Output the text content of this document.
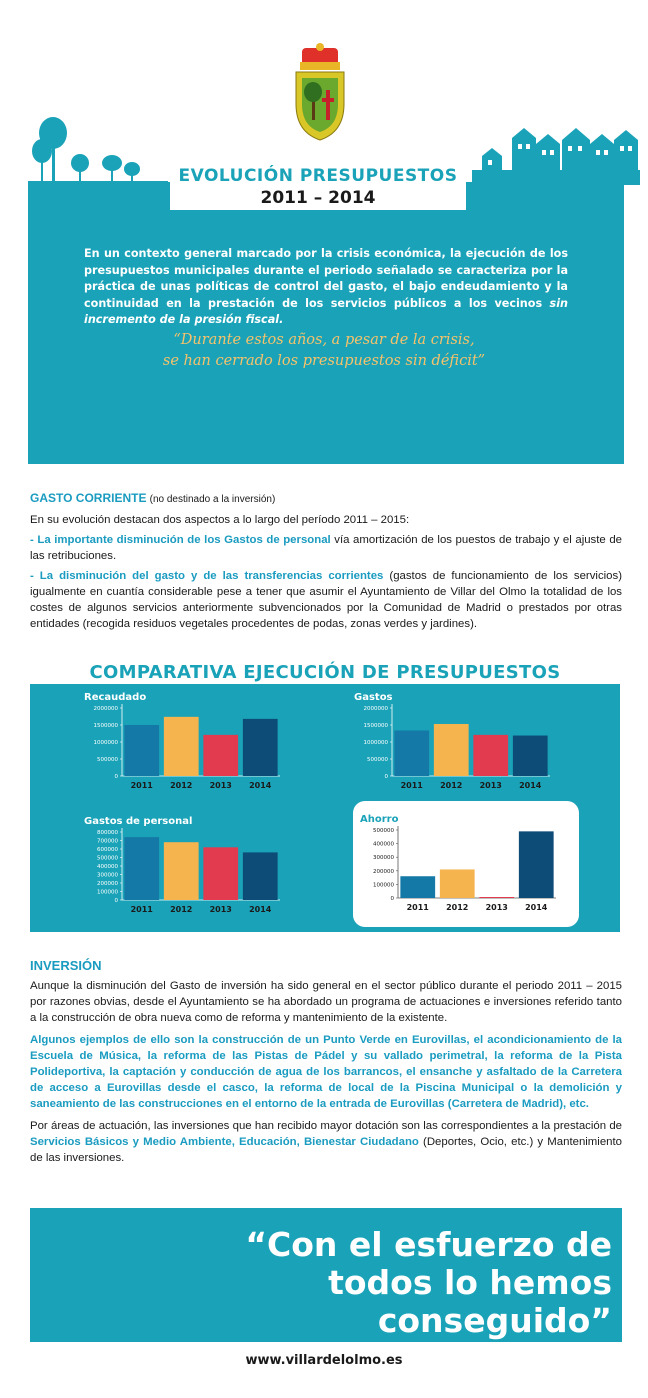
EVOLUCIÓN PRESUPUESTOS
2011 – 2014
En un contexto general marcado por la crisis económica, la ejecución de los presupuestos municipales durante el periodo señalado se caracteriza por la práctica de unas políticas de control del gasto, el bajo endeudamiento y la continuidad en la prestación de los servicios públicos a los vecinos sin incremento de la presión fiscal.
“Durante estos años, a pesar de la crisis,
se han cerrado los presupuestos sin déficit”

GASTO CORRIENTE (no destinado a la inversión)

En su evolución destacan dos aspectos a lo largo del período 2011 – 2015:

- La importante disminución de los Gastos de personal vía amortización de los puestos de trabajo y el ajuste de las retribuciones.

- La disminución del gasto y de las transferencias corrientes (gastos de funcionamiento de los servicios) igualmente en cuantía considerable pese a tener que asumir el Ayuntamiento de Villar del Olmo la totalidad de los costes de algunos servicios anteriormente subvencionados por la Comunidad de Madrid o prestados por otras entidades (recogida residuos vegetales procedentes de podas, zonas verdes y jardines).

COMPARATIVA EJECUCIÓN DE PRESUPUESTOS
Recaudado
0
500000
1000000
1500000
2000000
2011 2012 2013 2014
Gastos
0
500000
1000000
1500000
2000000
2011 2012 2013 2014
Gastos de personal
0
100000
200000
300000
400000
500000
600000
700000
800000
2011 2012 2013 2014
Ahorro
0
100000
200000
300000
400000
500000
2011 2012 2013 2014
INVERSIÓN

Aunque la disminución del Gasto de inversión ha sido general en el sector público durante el periodo 2011 – 2015 por razones obvias, desde el Ayuntamiento se ha abordado un programa de actuaciones e inversiones referido tanto a la construcción de obra nueva como de reforma y mantenimiento de la existente.

Algunos ejemplos de ello son la construcción de un Punto Verde en Eurovillas, el acondicionamiento de la Escuela de Música, la reforma de las Pistas de Pádel y su vallado perimetral, la reforma de la Pista Polideportiva, la captación y conducción de agua de los barrancos, el ensanche y asfaltado de la Carretera de acceso a Eurovillas desde el casco, la reforma de local de la Piscina Municipal o la demolición y saneamiento de las construcciones en el entorno de la entrada de Eurovillas (Carretera de Madrid), etc.

Por áreas de actuación, las inversiones que han recibido mayor dotación son las correspondientes a la prestación de Servicios Básicos y Medio Ambiente, Educación, Bienestar Ciudadano (Deportes, Ocio, etc.) y Mantenimiento de las inversiones.

“Con el esfuerzo de
todos lo hemos
conseguido”
www.villardelolmo.es
